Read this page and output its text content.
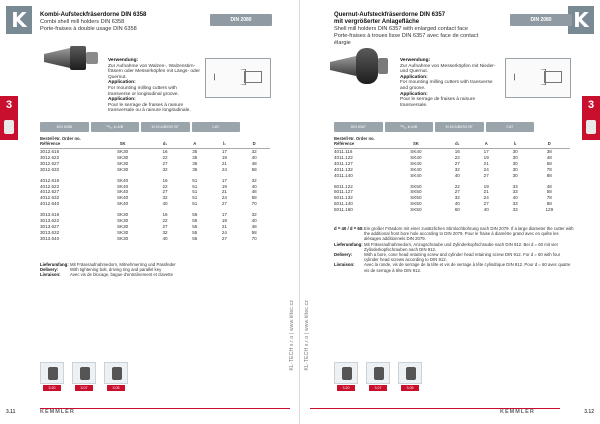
K
3
Kombi-Aufsteckfräserdorne DIN 6358
Combi shell mill holders DIN 6358
Porte-fraises à double usage DIN 6358
DIN 2080
Verwendung:
Zur Aufnahme von Walzen-, Walzenstirn- fräsern oder Messerköpfen mit Längs- oder Quernut.
Application:
For mounting milling cutters with transverse or longitudinal groove.
Application:
Pour le serrage de fraises à rainure transversale ou à rainure longitudinale.
DIN 6358	¹⁵/₁₆ in A/B	M 16 A/B/ISO BT	CAT
Bestell-Nr. Order no. Référence	SK	d₁	A	l₁	D
3012.616	SK30	16	35	17	32
3012.622	SK30	22	35	19	40
3012.627	SK30	27	35	21	48
3012.632	SK30	32	35	24	58

4012.616	SK40	16	51	17	32
4012.622	SK40	22	51	19	40
4012.627	SK40	27	51	21	48
4012.632	SK40	32	51	24	58
4012.640	SK40	40	51	27	70

3013.616	SK30	16	55	17	32
3013.622	SK30	22	55	19	40
3013.627	SK30	27	55	21	48
3013.632	SK30	32	55	24	58
3013.640	SK30	40	55	27	70
Lieferumfang: Mit Fräseraufnahmedorn, Mitnehmerring und Passfeder
Delivery:	With tightening bolt, driving ring and parallel key
Livraison:	Avec vis de blocage, bague d'entraînement et clavette
KL-TECH s.r.o | www.kltec.cz
3.20	3.07	3.05
3.11	KEMMLER
K
3
Quernut-Aufsteckfräserdorne DIN 6357
mit vergrößerter Anlagefläche
Shell mill holders DIN 6357 with enlarged contact face
Porte-fraises à troues lisse DIN 6357 avec face de contact élargie
DIN 2080
Verwendung:
Zur Aufnahme von Messerköpfen mit Nieder- und Quernut.
Application:
For mounting milling cutters with transverse and groove.
Application:
Pour le serrage de fraises à rainure transversale.
DIN 6357	¹⁵/₁₆ in A/B	M 16 A/B/ISO BT	CAT
Bestell-Nr. Order no. Référence	SK	d₁	A	l₁	D
4011.116	SK40	16	17	30	38
4011.122	SK40	22	19	30	48
4011.127	SK40	27	21	30	58
4011.132	SK40	32	24	30	78
4011.140	SK40	40	27	30	88

5011.122	SK50	22	19	33	48
5011.127	SK50	27	21	33	58
5011.132	SK50	32	24	40	78
5011.140	SK50	40	27	33	88
5011.160	SK50	60	40	33	129
d = 40 / d = 60: Ein großer Fräsdorn mit einer zusätzlichen Stirnlochbohrung nach DIN 2079. If a large diameter the cutter with the additional front bore hole according to DIN 2079. Pour le fraise à diamètre grand avec en quête les alésages additionnels DIN 2079.
Lieferumfang: Mit Fräseraufnahmedorn, Anzugschraube und Zylinderkopfschraube nach DIN 912. Bei d = 60 mit vier Zylinderkopfschrauben nach DIN 912.
Delivery:	With a bore, cone head retaining screw and cylinder head retaining screw DIN 912. For d = 60 with four cylinder head screws according to DIN 912.
Livraison:	Avec la ronde, vis de serrage de la tête et vis de serrage à tête cylindrique DIN 912. Pour d = 60 avec quatre vis de serrage à tête DIN 912.
KL-TECH s.r.o | www.kltec.cz
3.20	3.07	3.05
3.12
KEMMLER
